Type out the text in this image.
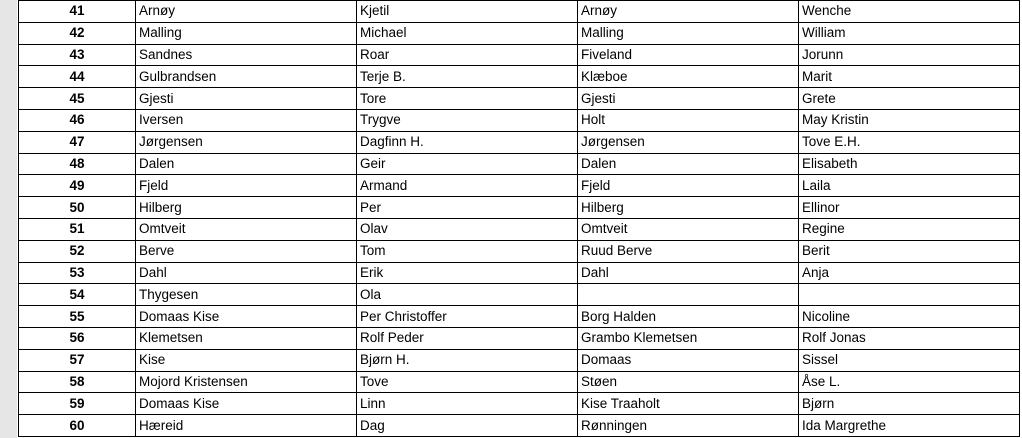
41	Arnøy	Kjetil	Arnøy	Wenche
42	Malling	Michael	Malling	William
43	Sandnes	Roar	Fiveland	Jorunn
44	Gulbrandsen	Terje B.	Klæboe	Marit
45	Gjesti	Tore	Gjesti	Grete
46	Iversen	Trygve	Holt	May Kristin
47	Jørgensen	Dagfinn H.	Jørgensen	Tove E.H.
48	Dalen	Geir	Dalen	Elisabeth
49	Fjeld	Armand	Fjeld	Laila
50	Hilberg	Per	Hilberg	Ellinor
51	Omtveit	Olav	Omtveit	Regine
52	Berve	Tom	Ruud Berve	Berit
53	Dahl	Erik	Dahl	Anja
54	Thygesen	Ola		
55	Domaas Kise	Per Christoffer	Borg Halden	Nicoline
56	Klemetsen	Rolf Peder	Grambo Klemetsen	Rolf Jonas
57	Kise	Bjørn H.	Domaas	Sissel
58	Mojord Kristensen	Tove	Støen	Åse L.
59	Domaas Kise	Linn	Kise Traaholt	Bjørn
60	Hæreid	Dag	Rønningen	Ida Margrethe
